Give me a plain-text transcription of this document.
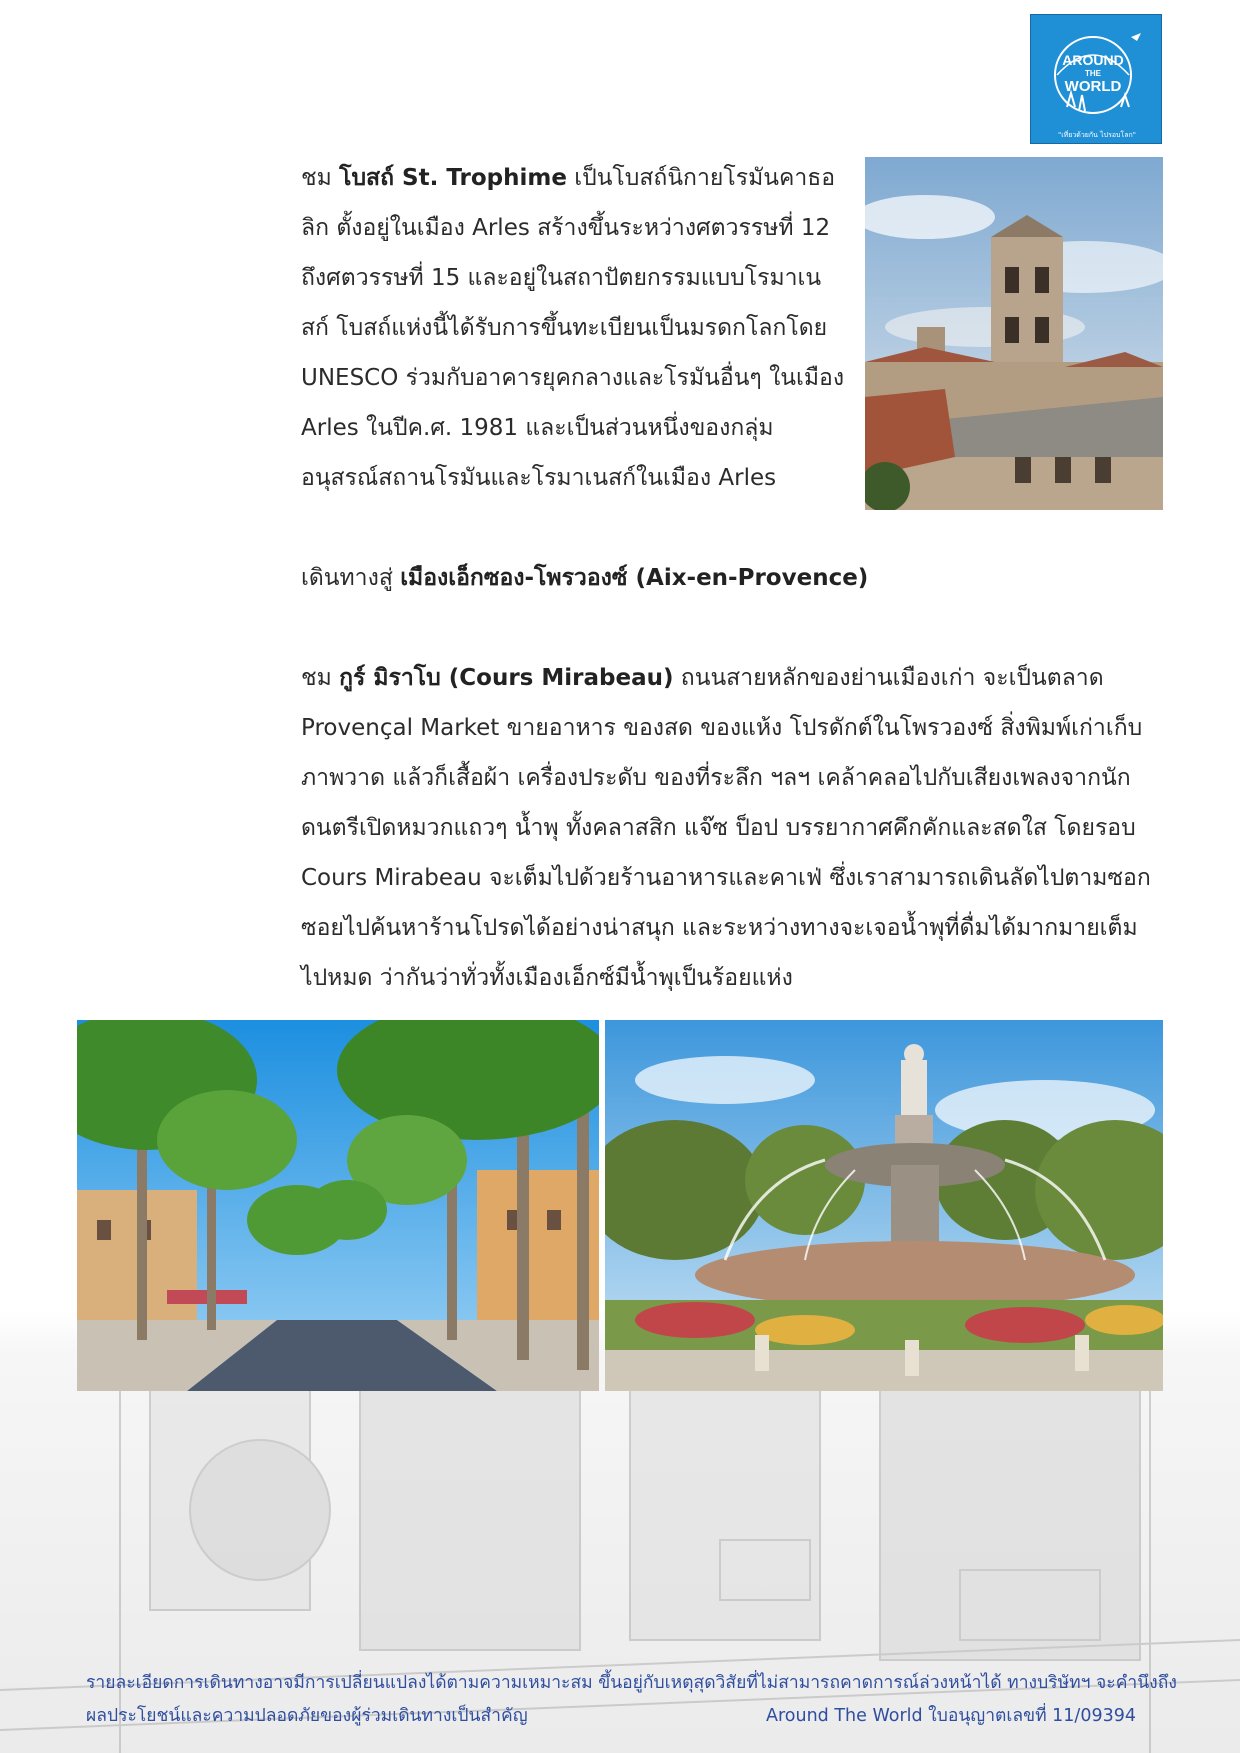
AROUND
THE
WORLD
"เที่ยวด้วยกัน ไปรอบโลก"

ชม โบสถ์ St. Trophime เป็นโบสถ์นิกายโรมันคาธอลิก ตั้งอยู่ในเมือง Arles สร้างขึ้นระหว่างศตวรรษที่ 12 ถึงศตวรรษที่ 15 และอยู่ในสถาปัตยกรรมแบบโรมาเนสก์ โบสถ์แห่งนี้ได้รับการขึ้นทะเบียนเป็นมรดกโลกโดย UNESCO ร่วมกับอาคารยุคกลางและโรมันอื่นๆ ในเมือง Arles ในปีค.ศ. 1981 และเป็นส่วนหนึ่งของกลุ่มอนุสรณ์สถานโรมันและโรมาเนสก์ในเมือง Arles

เดินทางสู่ เมืองเอ็กซอง-โพรวองซ์ (Aix-en-Provence)

ชม กูร์ มิราโบ (Cours Mirabeau) ถนนสายหลักของย่านเมืองเก่า จะเป็นตลาด Provençal Market ขายอาหาร ของสด ของแห้ง โปรดักต์ในโพรวองซ์ สิ่งพิมพ์เก่าเก็บภาพวาด แล้วก็เสื้อผ้า เครื่องประดับ ของที่ระลึก ฯลฯ เคล้าคลอไปกับเสียงเพลงจากนักดนตรีเปิดหมวกแถวๆ น้ำพุ ทั้งคลาสสิก แจ๊ซ ป็อป บรรยากาศคึกคักและสดใส โดยรอบ Cours Mirabeau จะเต็มไปด้วยร้านอาหารและคาเฟ่ ซึ่งเราสามารถเดินลัดไปตามซอกซอยไปค้นหาร้านโปรดได้อย่างน่าสนุก และระหว่างทางจะเจอน้ำพุที่ดื่มได้มากมายเต็มไปหมด ว่ากันว่าทั่วทั้งเมืองเอ็กซ์มีน้ำพุเป็นร้อยแห่ง

รายละเอียดการเดินทางอาจมีการเปลี่ยนแปลงได้ตามความเหมาะสม ขึ้นอยู่กับเหตุสุดวิสัยที่ไม่สามารถคาดการณ์ล่วงหน้าได้ ทางบริษัทฯ จะคำนึงถึง

ผลประโยชน์และความปลอดภัยของผู้ร่วมเดินทางเป็นสำคัญ	Around The World ใบอนุญาตเลขที่ 11/09394
